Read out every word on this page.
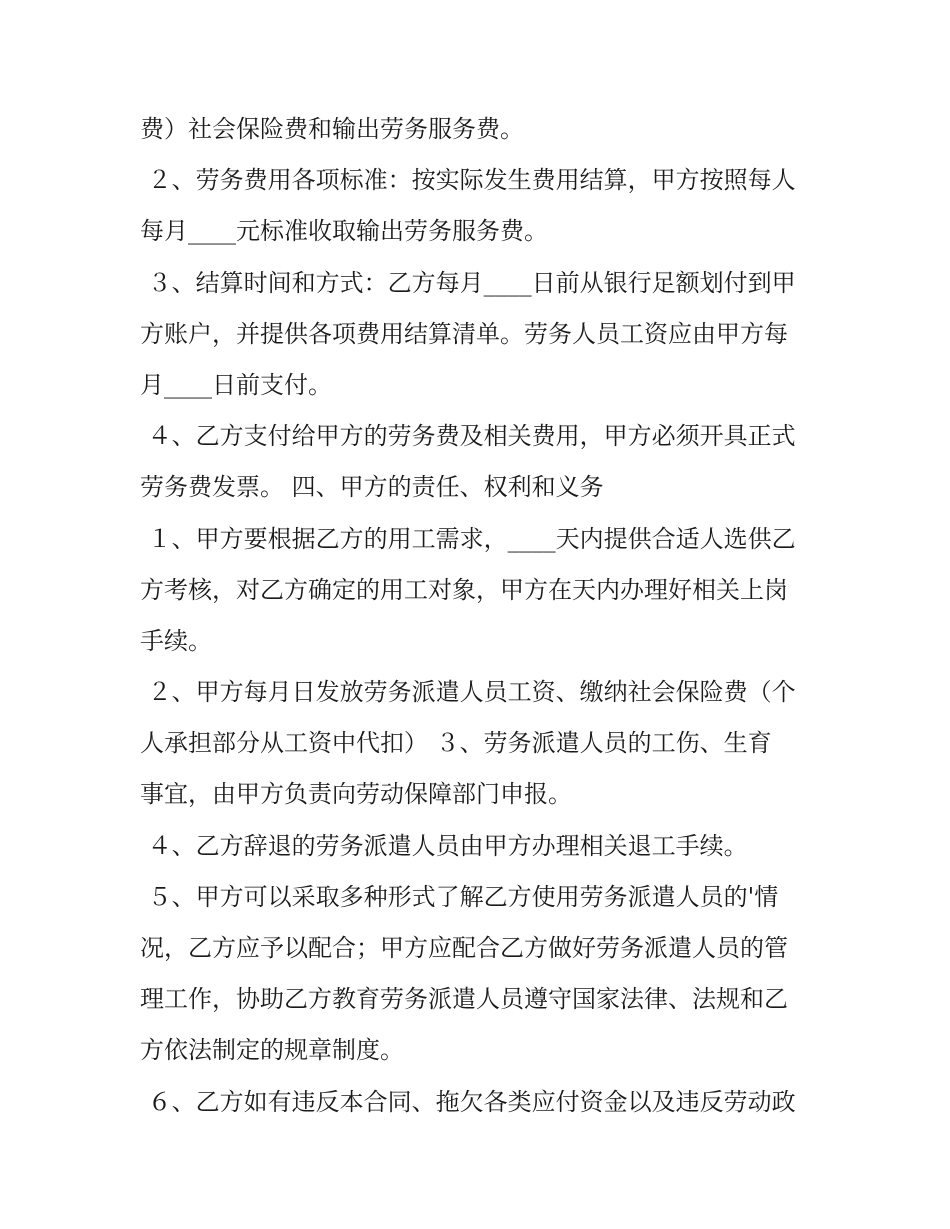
费）社会保险费和输出劳务服务费。
２、劳务费用各项标准：按实际发生费用结算，甲方按照每人
每月____元标准收取输出劳务服务费。
３、结算时间和方式：乙方每月____日前从银行足额划付到甲
方账户，并提供各项费用结算清单。劳务人员工资应由甲方每
月____日前支付。
４、乙方支付给甲方的劳务费及相关费用，甲方必须开具正式
劳务费发票。 四、甲方的责任、权利和义务
１、甲方要根据乙方的用工需求，____天内提供合适人选供乙
方考核，对乙方确定的用工对象，甲方在天内办理好相关上岗
手续。
２、甲方每月日发放劳务派遣人员工资、缴纳社会保险费（个
人承担部分从工资中代扣） ３、劳务派遣人员的工伤、生育
事宜，由甲方负责向劳动保障部门申报。
４、乙方辞退的劳务派遣人员由甲方办理相关退工手续。
５、甲方可以采取多种形式了解乙方使用劳务派遣人员的'情
况，乙方应予以配合；甲方应配合乙方做好劳务派遣人员的管
理工作，协助乙方教育劳务派遣人员遵守国家法律、法规和乙
方依法制定的规章制度。
６、乙方如有违反本合同、拖欠各类应付资金以及违反劳动政
